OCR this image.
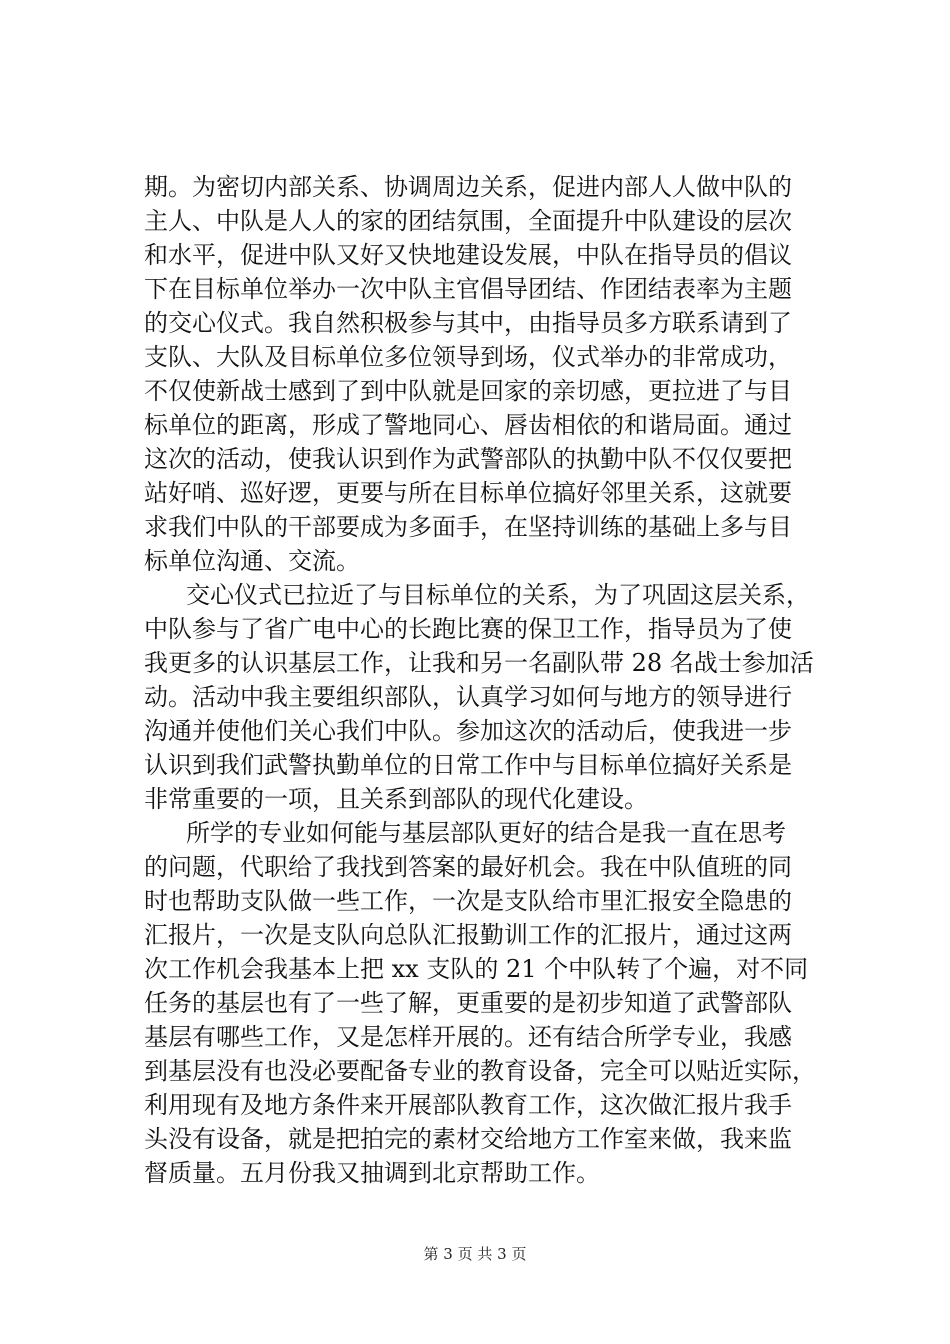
期。为密切内部关系、协调周边关系，促进内部人人做中队的
主人、中队是人人的家的团结氛围，全面提升中队建设的层次
和水平，促进中队又好又快地建设发展，中队在指导员的倡议
下在目标单位举办一次中队主官倡导团结、作团结表率为主题
的交心仪式。我自然积极参与其中，由指导员多方联系请到了
支队、大队及目标单位多位领导到场，仪式举办的非常成功，
不仅使新战士感到了到中队就是回家的亲切感，更拉进了与目
标单位的距离，形成了警地同心、唇齿相依的和谐局面。通过
这次的活动，使我认识到作为武警部队的执勤中队不仅仅要把
站好哨、巡好逻，更要与所在目标单位搞好邻里关系，这就要
求我们中队的干部要成为多面手，在坚持训练的基础上多与目
标单位沟通、交流。
交心仪式已拉近了与目标单位的关系，为了巩固这层关系，
中队参与了省广电中心的长跑比赛的保卫工作，指导员为了使
我更多的认识基层工作，让我和另一名副队带 28 名战士参加活
动。活动中我主要组织部队，认真学习如何与地方的领导进行
沟通并使他们关心我们中队。参加这次的活动后，使我进一步
认识到我们武警执勤单位的日常工作中与目标单位搞好关系是
非常重要的一项，且关系到部队的现代化建设。
所学的专业如何能与基层部队更好的结合是我一直在思考
的问题，代职给了我找到答案的最好机会。我在中队值班的同
时也帮助支队做一些工作，一次是支队给市里汇报安全隐患的
汇报片，一次是支队向总队汇报勤训工作的汇报片，通过这两
次工作机会我基本上把 xx 支队的 21 个中队转了个遍，对不同
任务的基层也有了一些了解，更重要的是初步知道了武警部队
基层有哪些工作，又是怎样开展的。还有结合所学专业，我感
到基层没有也没必要配备专业的教育设备，完全可以贴近实际，
利用现有及地方条件来开展部队教育工作，这次做汇报片我手
头没有设备，就是把拍完的素材交给地方工作室来做，我来监
督质量。五月份我又抽调到北京帮助工作。
第 3 页 共 3 页
